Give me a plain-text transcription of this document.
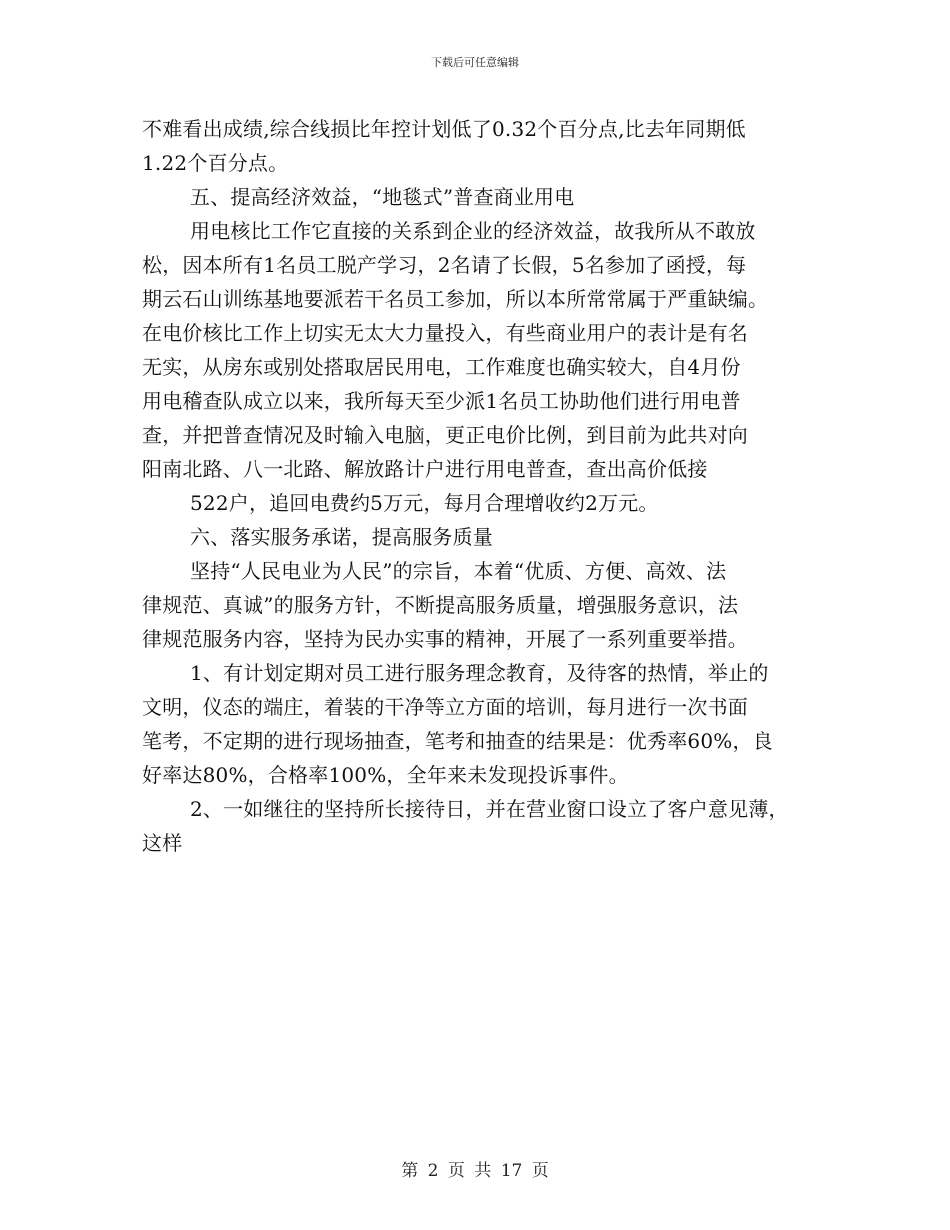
下载后可任意编辑
不难看出成绩,综合线损比年控计划低了0.32个百分点,比去年同期低
1.22个百分点。
五、提高经济效益，“地毯式”普查商业用电
用电核比工作它直接的关系到企业的经济效益，故我所从不敢放
松，因本所有1名员工脱产学习，2名请了长假，5名参加了函授，每
期云石山训练基地要派若干名员工参加，所以本所常常属于严重缺编。
在电价核比工作上切实无太大力量投入，有些商业用户的表计是有名
无实，从房东或别处搭取居民用电，工作难度也确实较大，自4月份
用电稽查队成立以来，我所每天至少派1名员工协助他们进行用电普
查，并把普查情况及时输入电脑，更正电价比例，到目前为此共对向
阳南北路、八一北路、解放路计户进行用电普查，查出高价低接
522户，追回电费约5万元，每月合理增收约2万元。
六、落实服务承诺，提高服务质量
坚持“人民电业为人民”的宗旨，本着“优质、方便、高效、法
律规范、真诚”的服务方针，不断提高服务质量，增强服务意识，法
律规范服务内容，坚持为民办实事的精神，开展了一系列重要举措。
1、有计划定期对员工进行服务理念教育，及待客的热情，举止的
文明，仪态的端庄，着装的干净等立方面的培训，每月进行一次书面
笔考，不定期的进行现场抽查，笔考和抽查的结果是：优秀率60%，良
好率达80%，合格率100%，全年来未发现投诉事件。
2、一如继往的坚持所长接待日，并在营业窗口设立了客户意见薄，
这样
第 2 页 共 17 页
